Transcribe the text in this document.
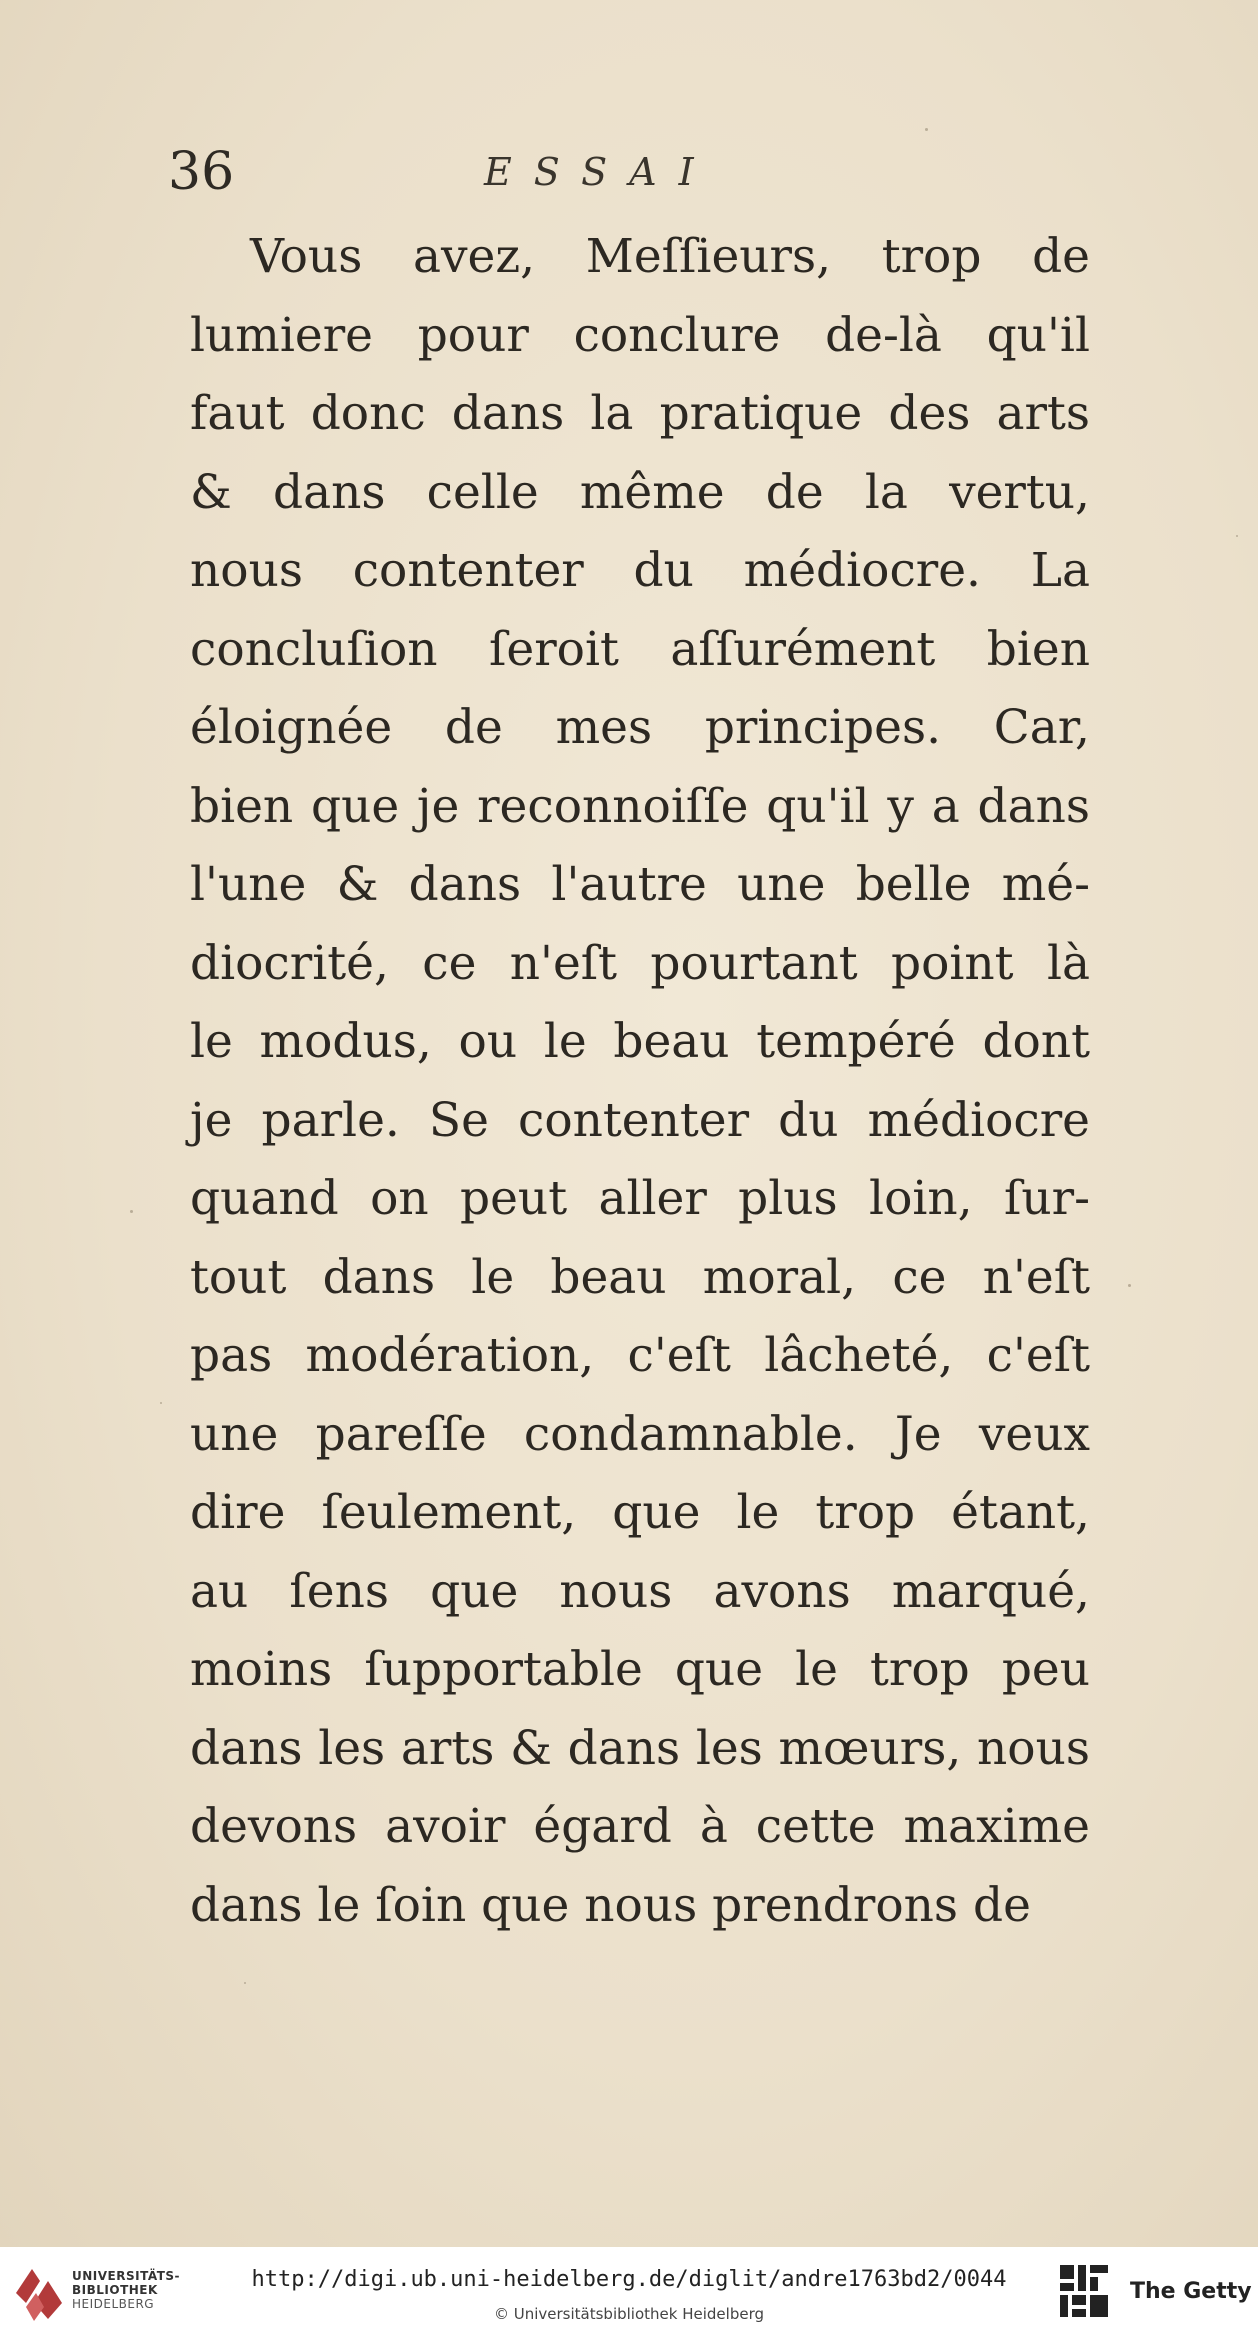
36	ESSAI
Vous avez, Meſſieurs, trop de
lumiere pour conclure de-là qu'il
faut donc dans la pratique des arts
& dans celle même de la vertu,
nous contenter du médiocre. La
concluſion ſeroit aſſurément bien
éloignée de mes principes. Car,
bien que je reconnoiſſe qu'il y a dans
l'une & dans l'autre une belle mé-
diocrité, ce n'eſt pourtant point là
le modus, ou le beau tempéré dont
je parle. Se contenter du médiocre
quand on peut aller plus loin, ſur-
tout dans le beau moral, ce n'eſt
pas modération, c'eſt lâcheté, c'eſt
une pareſſe condamnable. Je veux
dire ſeulement, que le trop étant,
au ſens que nous avons marqué,
moins ſupportable que le trop peu
dans les arts & dans les mœurs, nous
devons avoir égard à cette maxime
dans le ſoin que nous prendrons de
UNIVERSITÄTS-
BIBLIOTHEK
HEIDELBERG
http://digi.ub.uni-heidelberg.de/diglit/andre1763bd2/0044
© Universitätsbibliothek Heidelberg
The Getty
